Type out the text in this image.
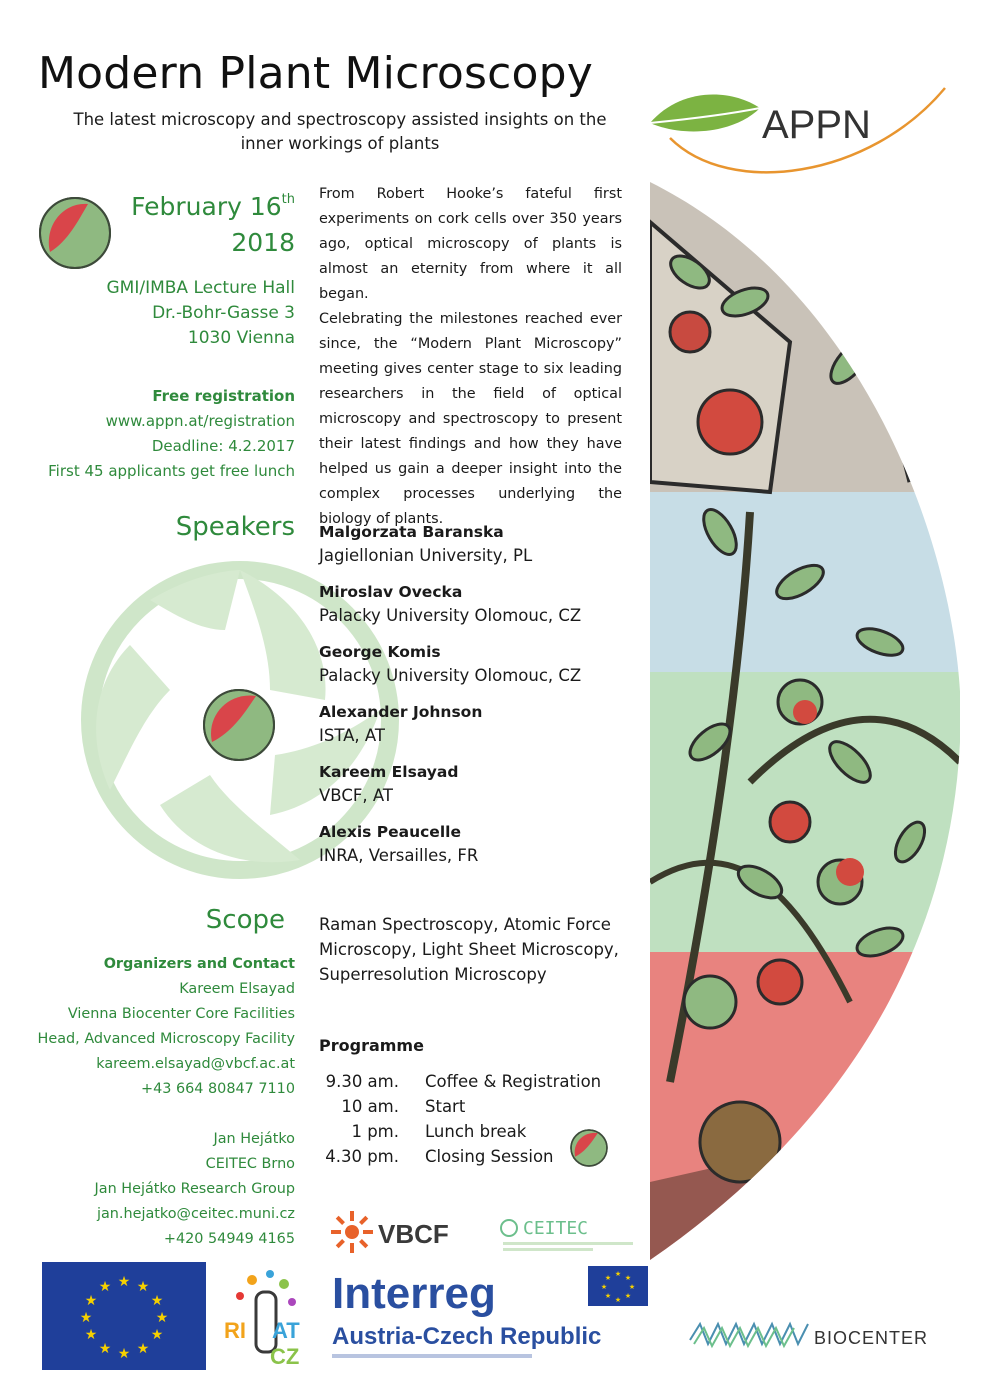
Modern Plant Microscopy
The latest microscopy and spectroscopy assisted insights on the
inner workings of plants	APPN
February 16th
2018
GMI/IMBA Lecture Hall
Dr.-Bohr-Gasse 3
1030 Vienna
Free registration
www.appn.at/registration
Deadline: 4.2.2017
First 45 applicants get free lunch

From Robert Hooke’s fateful first experiments on cork cells over 350 years ago, optical microscopy of plants is almost an eternity from where it all began.

Celebrating the milestones reached ever since, the “Modern Plant Microscopy” meeting gives center stage to six leading researchers in the field of optical microscopy and spectroscopy to present their latest findings and how they have helped us gain a deeper insight into the complex processes underlying the biology of plants.

Speakers Malgorzata Baranska
Jagiellonian University, PL
Miroslav Ovecka
Palacky University Olomouc, CZ
George Komis
Palacky University Olomouc, CZ
Alexander Johnson
ISTA, AT
Kareem Elsayad
VBCF, AT
Alexis Peaucelle
INRA, Versailles, FR
Scope Raman Spectroscopy, Atomic Force Microscopy, Light Sheet Microscopy, Superresolution Microscopy
Organizers and Contact
Kareem Elsayad
Vienna Biocenter Core Facilities
Head, Advanced Microscopy Facility
kareem.elsayad@vbcf.ac.at
+43 664 80847 7110
Jan Hejátko
CEITEC Brno
Jan Hejátko Research Group
jan.hejatko@ceitec.muni.cz
+420 54949 4165
Programme
9.30 am.	Coffee & Registration
10 am.	Start
1 pm.	Lunch break
4.30 pm.	Closing Session
VBCF	CEITEC
★ ★
★
★
★
★
★
★
★
★
★
★
RI AT
CZ
Interreg	★ ★
★
★
★
★
★
★
Austria-Czech Republic	BIOCENTER
